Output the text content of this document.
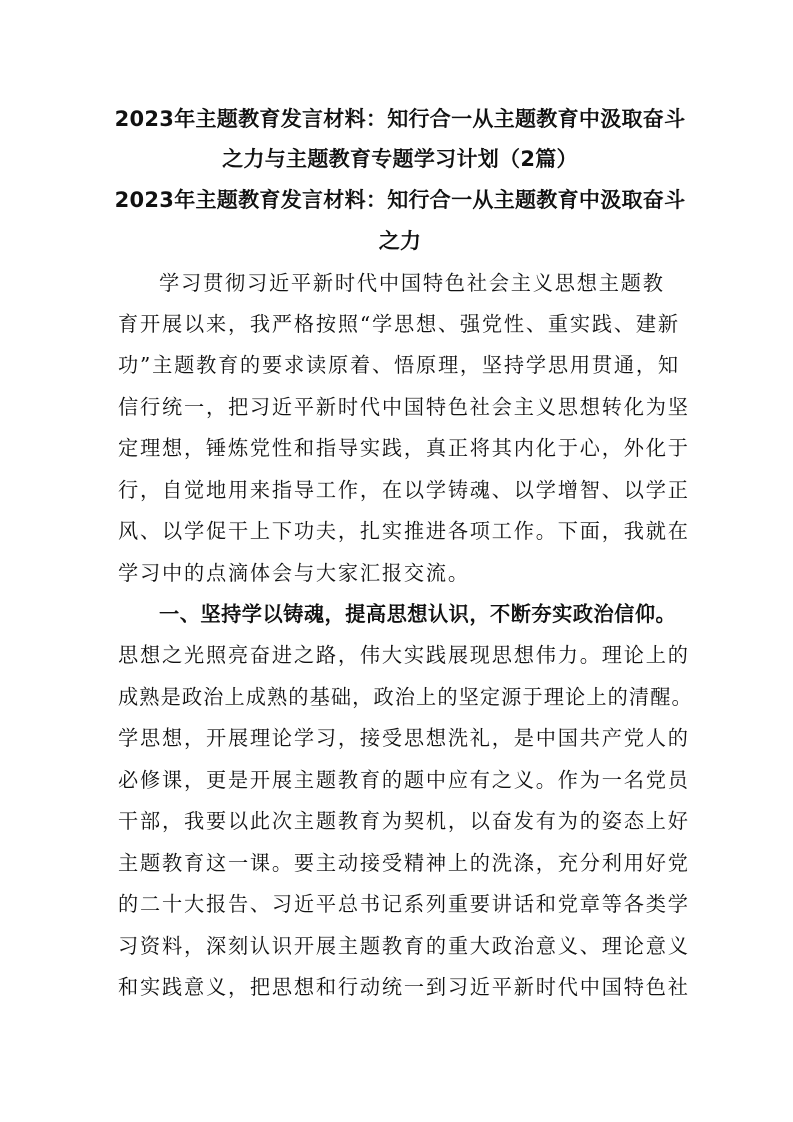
2023年主题教育发言材料：知行合一从主题教育中汲取奋斗
之力与主题教育专题学习计划（2篇）
2023年主题教育发言材料：知行合一从主题教育中汲取奋斗
之力
学习贯彻习近平新时代中国特色社会主义思想主题教
育开展以来，我严格按照“学思想、强党性、重实践、建新
功”主题教育的要求读原着、悟原理，坚持学思用贯通，知
信行统一，把习近平新时代中国特色社会主义思想转化为坚
定理想，锤炼党性和指导实践，真正将其内化于心，外化于
行，自觉地用来指导工作，在以学铸魂、以学增智、以学正
风、以学促干上下功夫，扎实推进各项工作。下面，我就在
学习中的点滴体会与大家汇报交流。
一、坚持学以铸魂，提高思想认识，不断夯实政治信仰。
思想之光照亮奋进之路，伟大实践展现思想伟力。理论上的
成熟是政治上成熟的基础，政治上的坚定源于理论上的清醒。
学思想，开展理论学习，接受思想洗礼，是中国共产党人的
必修课，更是开展主题教育的题中应有之义。作为一名党员
干部，我要以此次主题教育为契机，以奋发有为的姿态上好
主题教育这一课。要主动接受精神上的洗涤，充分利用好党
的二十大报告、习近平总书记系列重要讲话和党章等各类学
习资料，深刻认识开展主题教育的重大政治意义、理论意义
和实践意义，把思想和行动统一到习近平新时代中国特色社
